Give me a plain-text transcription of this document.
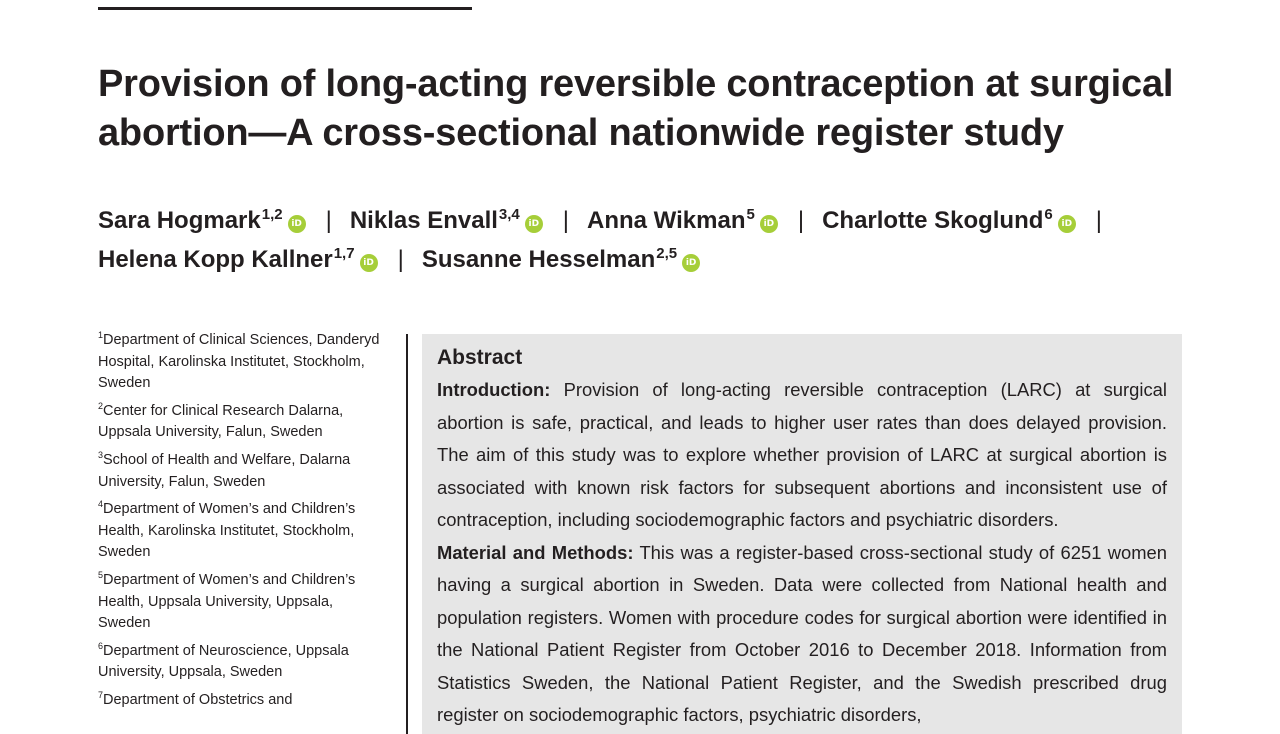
Provision of long-acting reversible contraception at surgical abortion—A cross-sectional nationwide register study
Sara Hogmark$^{1,2}$iD | Niklas Envall$^{3,4}$iD | Anna Wikman$^5$iD | Charlotte Skoglund$^6$iD |
Helena Kopp Kallner$^{1,7}$iD | Susanne Hesselman$^{2,5}$iD
$^1$Department of Clinical Sciences, Danderyd Hospital, Karolinska Institutet, Stockholm, Sweden
$^2$Center for Clinical Research Dalarna, Uppsala University, Falun, Sweden
$^3$School of Health and Welfare, Dalarna University, Falun, Sweden
$^4$Department of Women’s and Children’s Health, Karolinska Institutet, Stockholm, Sweden
$^5$Department of Women’s and Children’s Health, Uppsala University, Uppsala, Sweden
$^6$Department of Neuroscience, Uppsala University, Uppsala, Sweden
$^7$Department of Obstetrics and
Abstract

Introduction: Provision of long-acting reversible contraception (LARC) at surgical abortion is safe, practical, and leads to higher user rates than does delayed provision. The aim of this study was to explore whether provision of LARC at surgical abortion is associated with known risk factors for subsequent abortions and inconsistent use of contraception, including sociodemographic factors and psychiatric disorders.

Material and Methods: This was a register-based cross-sectional study of 6251 women having a surgical abortion in Sweden. Data were collected from National health and population registers. Women with procedure codes for surgical abortion were identified in the National Patient Register from October 2016 to December 2018. Information from Statistics Sweden, the National Patient Register, and the Swedish prescribed drug register on sociodemographic factors, psychiatric disorders,
